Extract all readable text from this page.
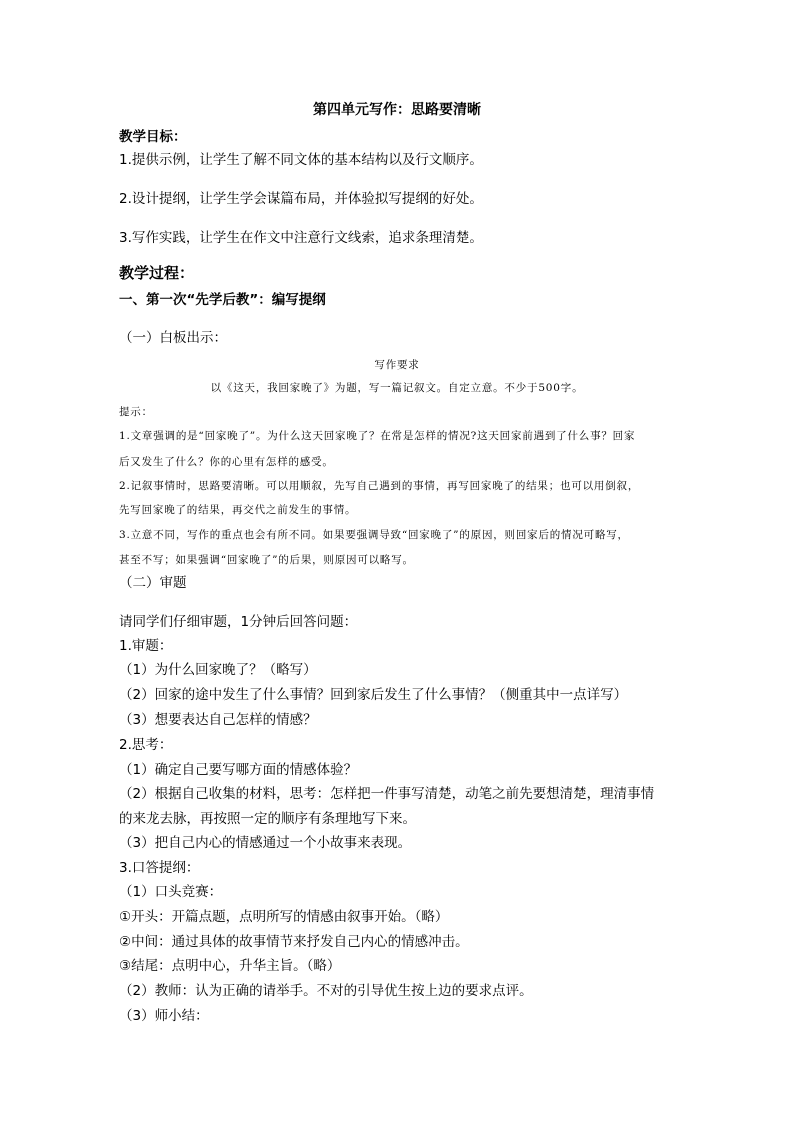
第四单元写作：思路要清晰
教学目标：
1.提供示例，让学生了解不同文体的基本结构以及行文顺序。
2.设计提纲，让学生学会谋篇布局，并体验拟写提纲的好处。
3.写作实践，让学生在作文中注意行文线索，追求条理清楚。
教学过程：
一、第一次“先学后教”：编写提纲
（一）白板出示：
写作要求
以《这天，我回家晚了》为题，写一篇记叙文。自定立意。不少于500字。
提示：
1.文章强调的是“回家晚了”。为什么这天回家晚了？在常是怎样的情况?这天回家前遇到了什么事？回家
后又发生了什么？你的心里有怎样的感受。
2.记叙事情时，思路要清晰。可以用顺叙，先写自己遇到的事情，再写回家晚了的结果；也可以用倒叙，
先写回家晚了的结果，再交代之前发生的事情。
3.立意不同，写作的重点也会有所不同。如果要强调导致“回家晚了”的原因，则回家后的情况可略写，
甚至不写；如果强调“回家晚了”的后果，则原因可以略写。
（二）审题
请同学们仔细审题，1分钟后回答问题：
1.审题：
（1）为什么回家晚了？（略写）
（2）回家的途中发生了什么事情？回到家后发生了什么事情？（侧重其中一点详写）
（3）想要表达自己怎样的情感？
2.思考：
（1）确定自己要写哪方面的情感体验？
（2）根据自己收集的材料，思考：怎样把一件事写清楚，动笔之前先要想清楚，理清事情
的来龙去脉，再按照一定的顺序有条理地写下来。
（3）把自己内心的情感通过一个小故事来表现。
3.口答提纲：
（1）口头竞赛：
①开头：开篇点题，点明所写的情感由叙事开始。（略）
②中间：通过具体的故事情节来抒发自己内心的情感冲击。
③结尾：点明中心，升华主旨。（略）
（2）教师：认为正确的请举手。不对的引导优生按上边的要求点评。
（3）师小结：
